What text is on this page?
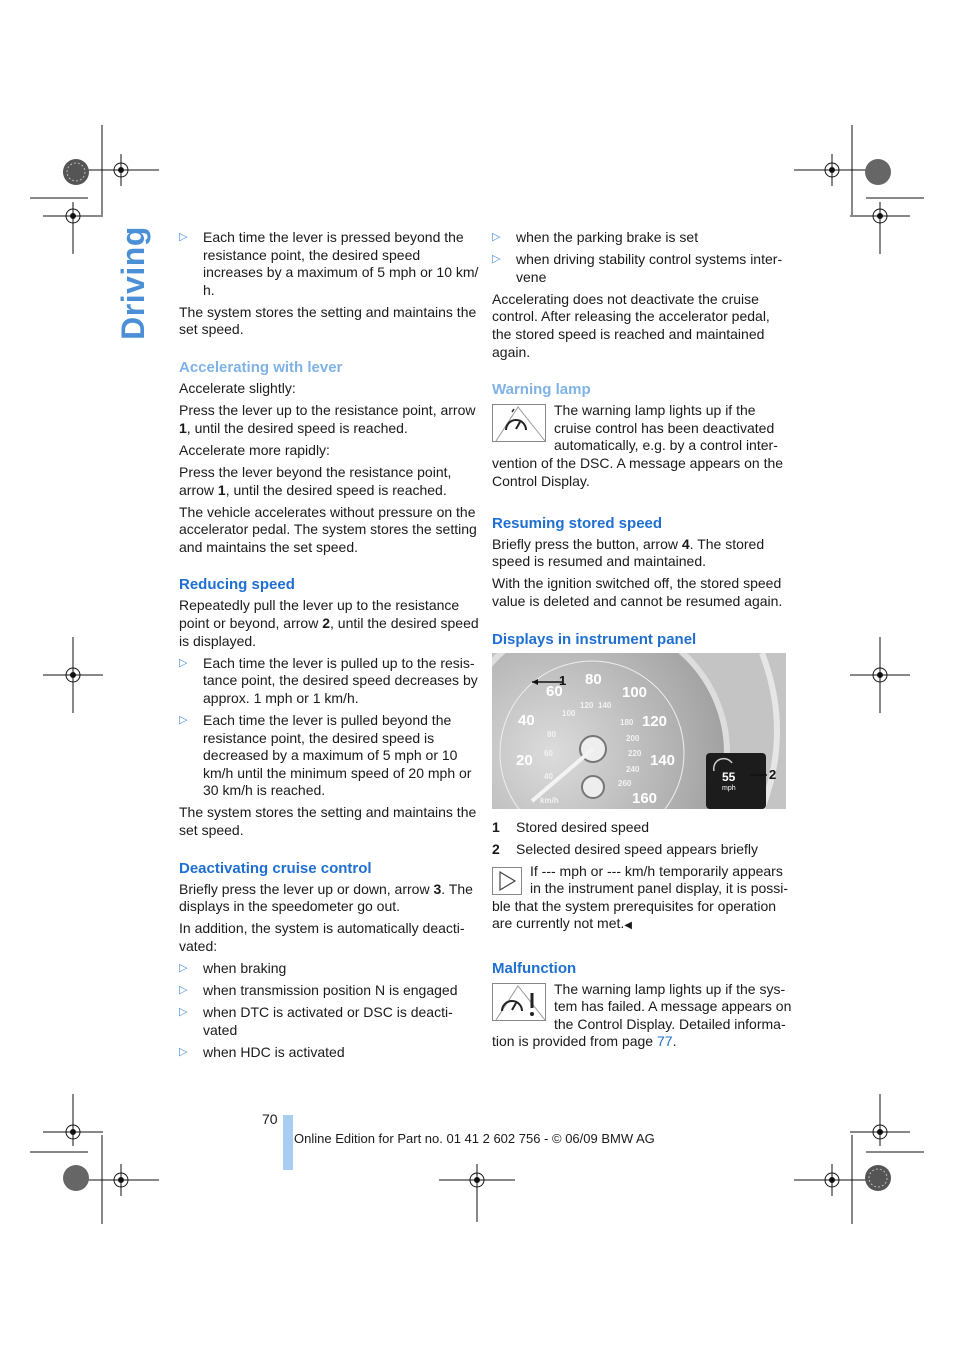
Driving	▷ Each time the lever is pressed beyond the resistance point, the desired speed increases by a maximum of 5 mph or 10 km/​h.

The system stores the setting and maintains the set speed.

Accelerating with lever

Accelerate slightly:

Press the lever up to the resistance point, arrow 1, until the desired speed is reached.

Accelerate more rapidly:

Press the lever beyond the resistance point, arrow 1, until the desired speed is reached.

The vehicle accelerates without pressure on the accelerator pedal. The system stores the setting and maintains the set speed.

Reducing speed

Repeatedly pull the lever up to the resistance point or beyond, arrow 2, until the desired speed is displayed.

▷ Each time the lever is pulled up to the resistance point, the desired speed decreases by approx. 1 mph or 1 km/h.
▷ Each time the lever is pulled beyond the resistance point, the desired speed is decreased by a maximum of 5 mph or 10 km/h until the minimum speed of 20 mph or 30 km/h is reached.

The system stores the setting and maintains the set speed.

Deactivating cruise control

Briefly press the lever up or down, arrow 3. The displays in the speedometer go out.

In addition, the system is automatically deactivated:

▷ when braking
▷ when transmission position N is engaged
▷ when DTC is activated or DSC is deactivated
▷ when HDC is activated
▷ when the parking brake is set
▷ when driving stability control systems intervene

Accelerating does not deactivate the cruise control. After releasing the accelerator pedal, the stored speed is reached and maintained again.

Warning lamp

The warning lamp lights up if the cruise control has been deactivated automatically, e.g. by a control intervention of the DSC. A message appears on the Control Display.

Resuming stored speed

Briefly press the button, arrow 4. The stored speed is resumed and maintained.

With the ignition switched off, the stored speed value is deleted and cannot be resumed again.

Displays in instrument panel
20
40
60
80
100
120
140
160
40
60
80
100
120 140
180
200
220
240
260
km/h
1
55
mph
2
1 Stored desired speed
2 Selected desired speed appears briefly

If --- mph or --- km/h temporarily appears in the instrument panel display, it is possible that the system prerequisites for operation are currently not met.◀

Malfunction

The warning lamp lights up if the system has failed. A message appears on the Control Display. Detailed information is provided from page 77.

70
Online Edition for Part no. 01 41 2 602 756 - © 06/09 BMW AG
